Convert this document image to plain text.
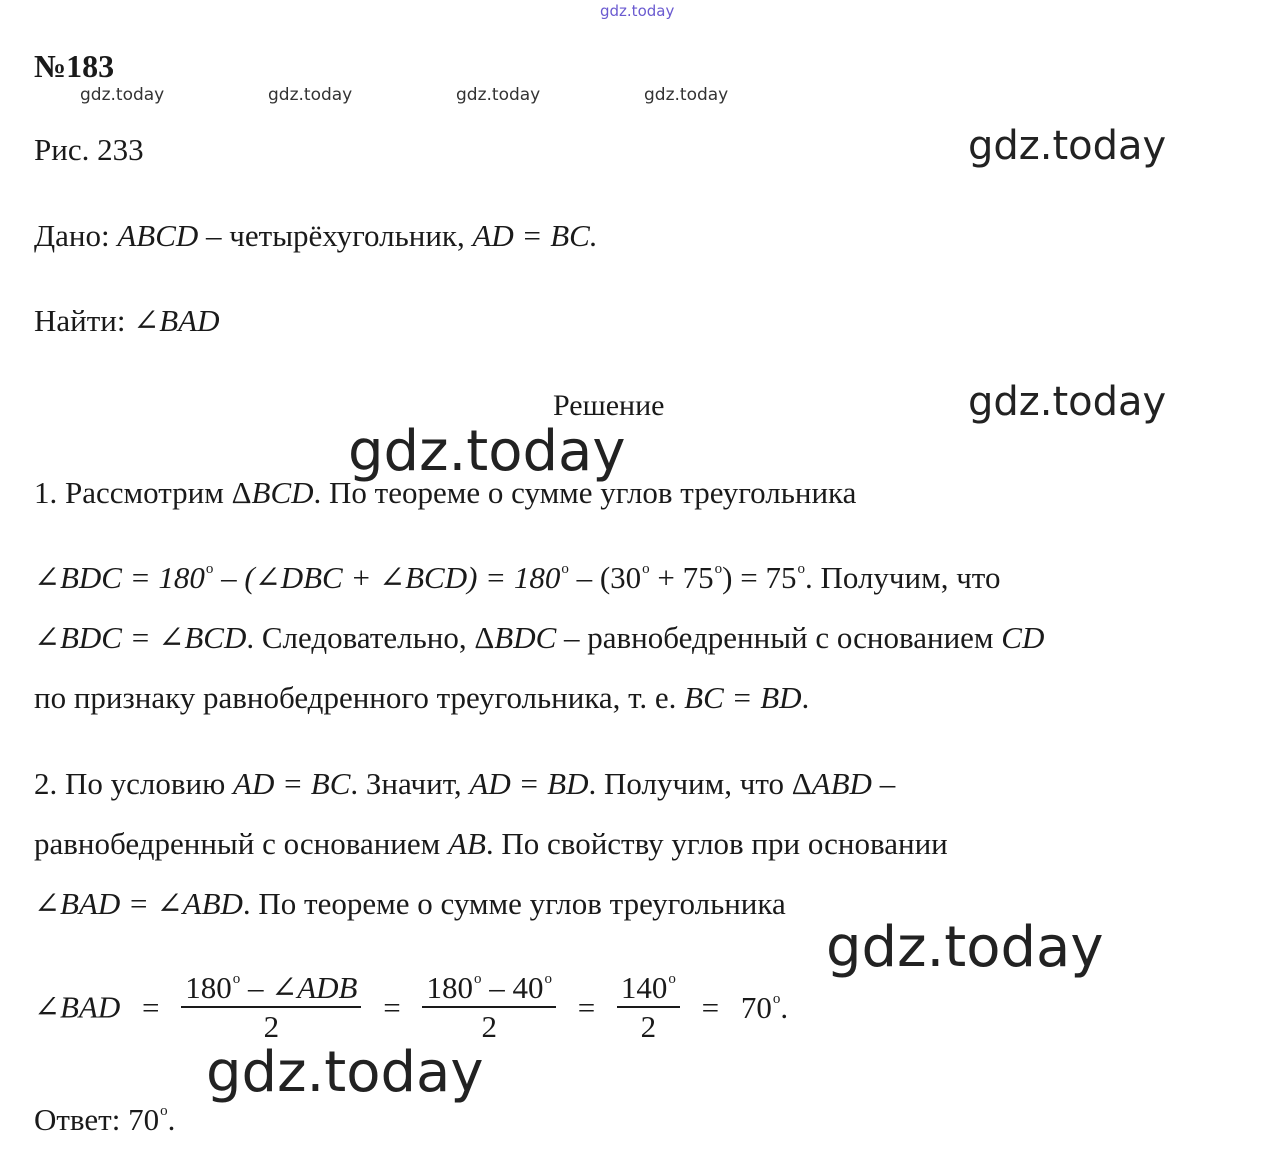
gdz.today
gdz.today	gdz.today	gdz.today	gdz.today
gdz.today
gdz.today
№183
Рис. 233
Дано: ABCD – четырёхугольник, AD = BC.
Найти: ∠BAD
Решение
1. Рассмотрим ΔBCD. По теореме о сумме углов треугольника
∠BDC = $180^o$ – (∠DBC + ∠BCD) = $180^o - (30^o + 75^o) = 75^o$. Получим, что
∠BDC = ∠BCD. Следовательно, ΔBDC – равнобедренный с основанием CD
по признаку равнобедренного треугольника, т. е. BC = BD.
2. По условию AD = BC. Значит, AD = BD. Получим, что ΔABD –
равнобедренный с основанием AB. По свойству углов при основании
∠BAD = ∠ABD. По теореме о сумме углов треугольника
∠BAD = $\frac{180^o - \angle ADB}{2} = \frac{180^o - 40^o}{2} = \frac{140^o}{2} = 70^o$.
Ответ: 70$^o$.
gdz.today
gdz.today
gdz.today
